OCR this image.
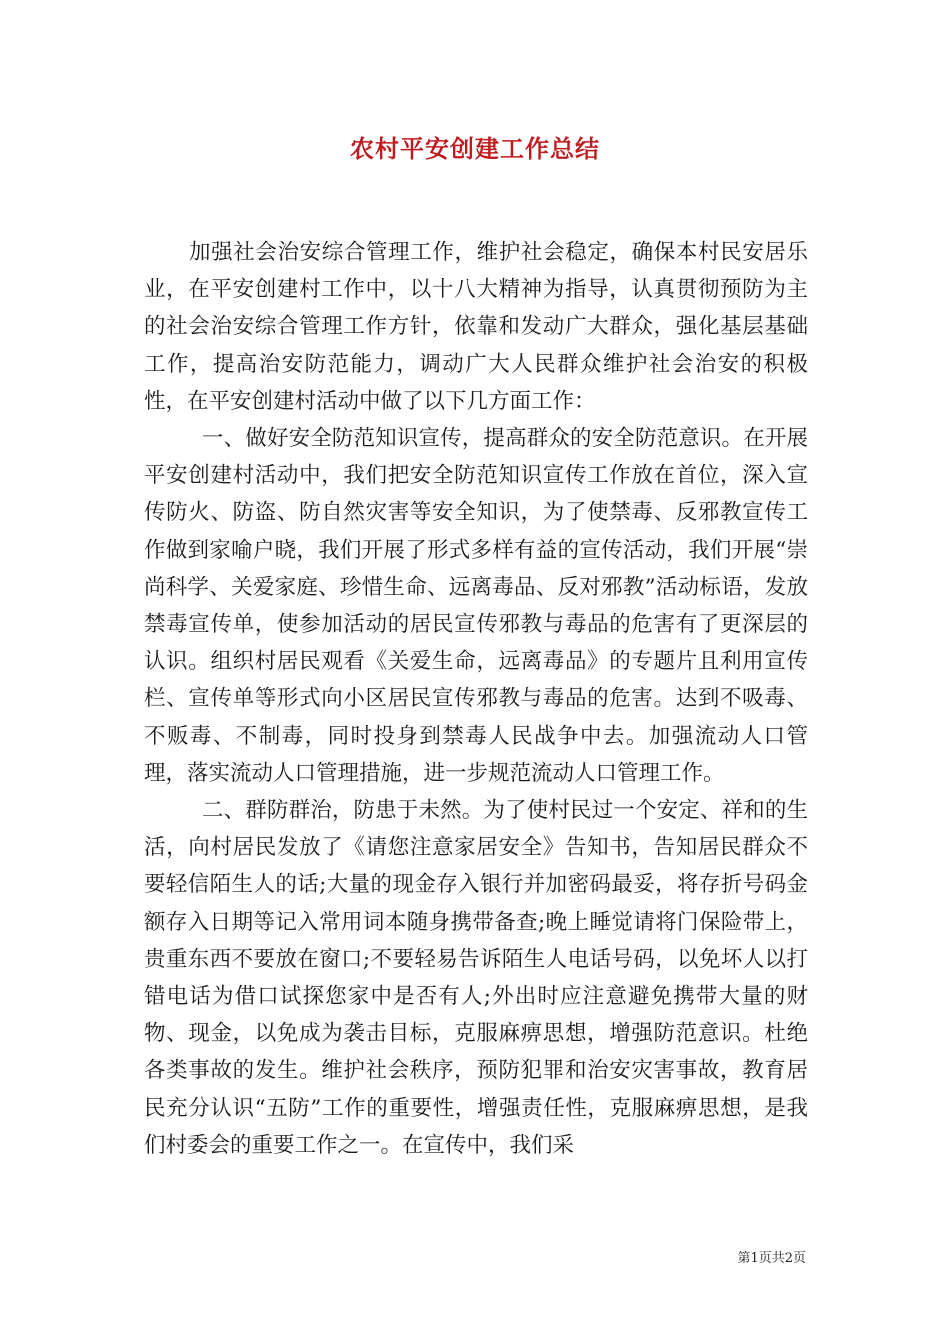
农村平安创建工作总结

加强社会治安综合管理工作，维护社会稳定，确保本村民安居乐业，在平安创建村工作中，以十八大精神为指导，认真贯彻预防为主的社会治安综合管理工作方针，依靠和发动广大群众，强化基层基础工作，提高治安防范能力，调动广大人民群众维护社会治安的积极性，在平安创建村活动中做了以下几方面工作：

一、做好安全防范知识宣传，提高群众的安全防范意识。在开展平安创建村活动中，我们把安全防范知识宣传工作放在首位，深入宣传防火、防盗、防自然灾害等安全知识，为了使禁毒、反邪教宣传工作做到家喻户晓，我们开展了形式多样有益的宣传活动，我们开展“崇尚科学、关爱家庭、珍惜生命、远离毒品、反对邪教”活动标语，发放禁毒宣传单，使参加活动的居民宣传邪教与毒品的危害有了更深层的认识。组织村居民观看《关爱生命，远离毒品》的专题片且利用宣传栏、宣传单等形式向小区居民宣传邪教与毒品的危害。达到不吸毒、不贩毒、不制毒，同时投身到禁毒人民战争中去。加强流动人口管理，落实流动人口管理措施，进一步规范流动人口管理工作。

二、群防群治，防患于未然。为了使村民过一个安定、祥和的生活，向村居民发放了《请您注意家居安全》告知书，告知居民群众不要轻信陌生人的话;大量的现金存入银行并加密码最妥，将存折号码金额存入日期等记入常用词本随身携带备查;晚上睡觉请将门保险带上，贵重东西不要放在窗口;不要轻易告诉陌生人电话号码，以免坏人以打错电话为借口试探您家中是否有人;外出时应注意避免携带大量的财物、现金，以免成为袭击目标，克服麻痹思想，增强防范意识。杜绝各类事故的发生。维护社会秩序，预防犯罪和治安灾害事故，教育居民充分认识“五防”工作的重要性，增强责任性，克服麻痹思想，是我们村委会的重要工作之一。在宣传中，我们采

第1页共2页
